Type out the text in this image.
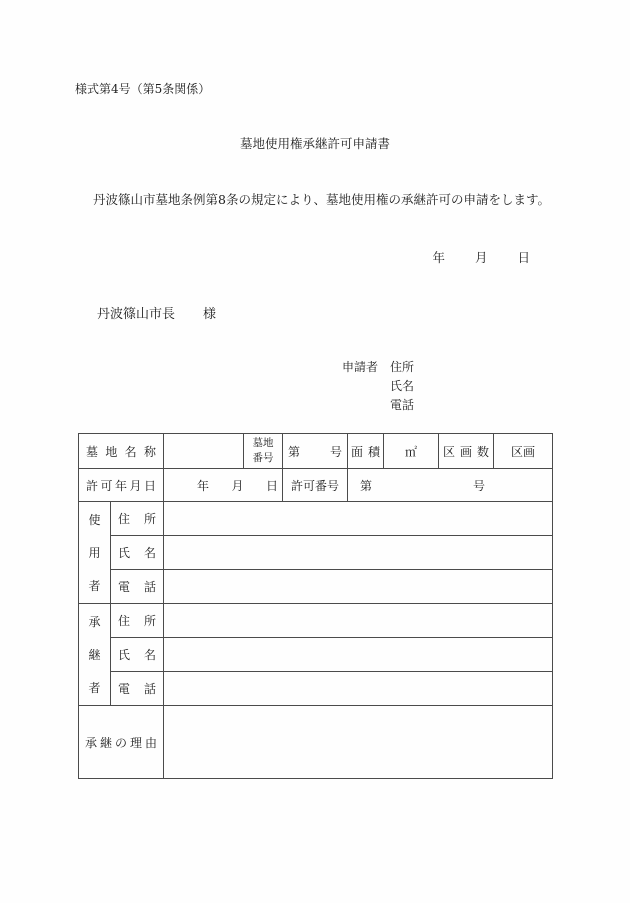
様式第4号（第5条関係）
墓地使用権承継許可申請書
丹波篠山市墓地条例第8条の規定により、墓地使用権の承継許可の申請をします。
年 月 日
丹波篠山市長 様
申請者 住所
氏名
電話
墓 地 名 称			墓地番号	第 号	面 積	㎡	区 画 数	区画

許 可 年 月 日		年 月 日		許可番号	第 号			

使
用
者	住 所							

	氏 名							

	電 話							

承
継
者	住 所							

	氏 名							

	電 話							

承 継 の 理 由								
